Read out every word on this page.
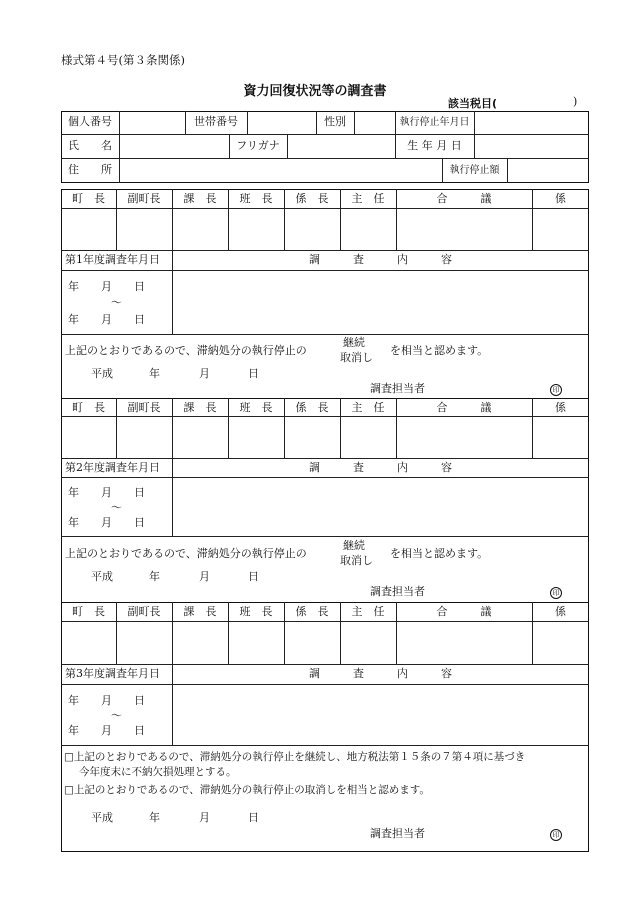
様式第４号(第３条関係)
資力回復状況等の調査書
該当税目(	)
個人番号	世帯番号	性別	執行停止年月日
氏　　名	フリガナ	生 年 月 日
住　　所	執行停止額
町　長	副町長	課　長	班　長	係　長	主　任	合　　　議	係
第1年度調査年月日	調　　　査　　　内　　　容
年　　月　　日
～
年　　月　　日
上記のとおりであるので、滞納処分の執行停止の
継続
取消し
を相当と認めます。
平成	年	月	日
調査担当者	印
町　長	副町長	課　長	班　長	係　長	主　任	合　　　議	係
第2年度調査年月日	調　　　査　　　内　　　容
年　　月　　日
～
年　　月　　日
上記のとおりであるので、滞納処分の執行停止の
継続
取消し
を相当と認めます。
平成	年	月	日
調査担当者	印
町　長	副町長	課　長	班　長	係　長	主　任	合　　　議	係
第3年度調査年月日	調　　　査　　　内　　　容
年　　月　　日
～
年　　月　　日
□上記のとおりであるので、滞納処分の執行停止を継続し、地方税法第１５条の７第４項に基づき
今年度末に不納欠損処理とする。
□上記のとおりであるので、滞納処分の執行停止の取消しを相当と認めます。
平成	年	月	日
調査担当者	印
